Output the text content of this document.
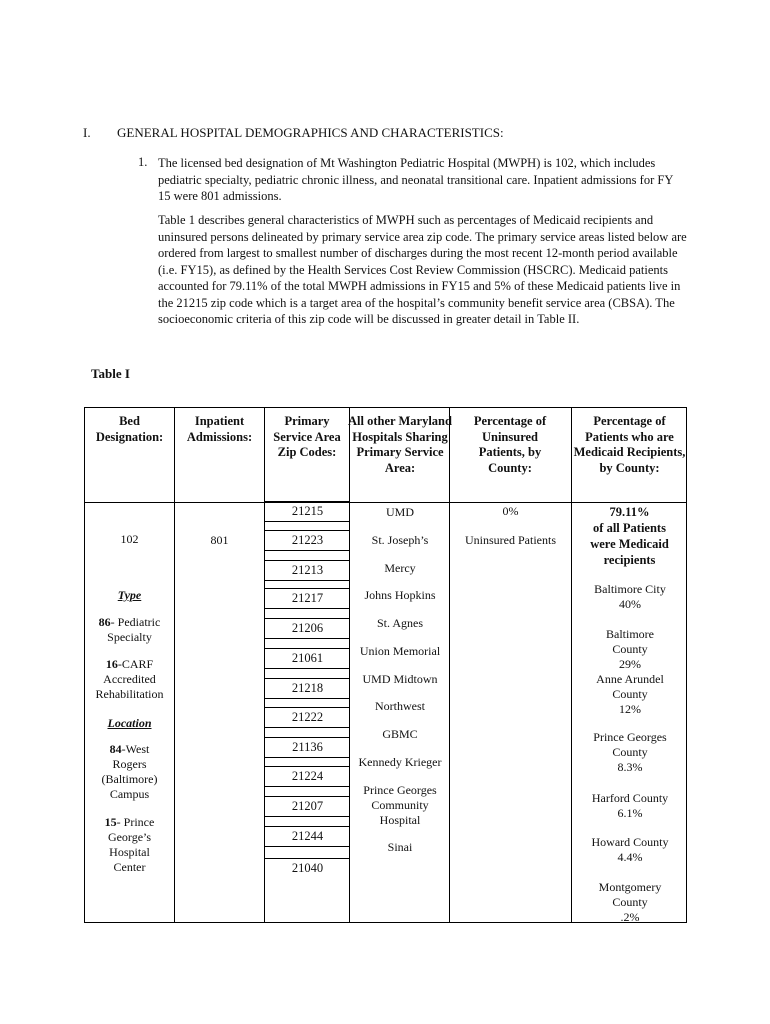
I. GENERAL HOSPITAL DEMOGRAPHICS AND CHARACTERISTICS:
1. The licensed bed designation of Mt Washington Pediatric Hospital (MWPH) is 102, which includes pediatric specialty, pediatric chronic illness, and neonatal transitional care. Inpatient admissions for FY 15 were 801 admissions.
Table 1 describes general characteristics of MWPH such as percentages of Medicaid recipients and uninsured persons delineated by primary service area zip code. The primary service areas listed below are ordered from largest to smallest number of discharges during the most recent 12-month period available (i.e. FY15), as defined by the Health Services Cost Review Commission (HSCRC). Medicaid patients accounted for 79.11% of the total MWPH admissions in FY15 and 5% of these Medicaid patients live in the 21215 zip code which is a target area of the hospital’s community benefit service area (CBSA). The socioeconomic criteria of this zip code will be discussed in greater detail in Table II.
Table I
Bed Designation:
Inpatient Admissions:
Primary Service Area Zip Codes:
All other Maryland Hospitals Sharing Primary Service Area:
Percentage of Uninsured Patients, by County:
Percentage of Patients who are Medicaid Recipients, by County:
102
Type
86- Pediatric Specialty
16-CARF Accredited Rehabilitation
Location
84-West Rogers (Baltimore) Campus
15- Prince George’s Hospital Center
801
21215
21223
21213
21217
21206
21061
21218
21222
21136
21224
21207
21244
21040
UMD
St. Joseph’s
Mercy
Johns Hopkins
St. Agnes
Union Memorial
UMD Midtown
Northwest
GBMC
Kennedy Krieger
Prince Georges Community Hospital
Sinai
0%
Uninsured Patients
79.11%
of all Patients were Medicaid recipients
Baltimore City
40%
Baltimore County
29%
Anne Arundel County
12%
Prince Georges County
8.3%
Harford County
6.1%
Howard County
4.4%
Montgomery County
.2%
